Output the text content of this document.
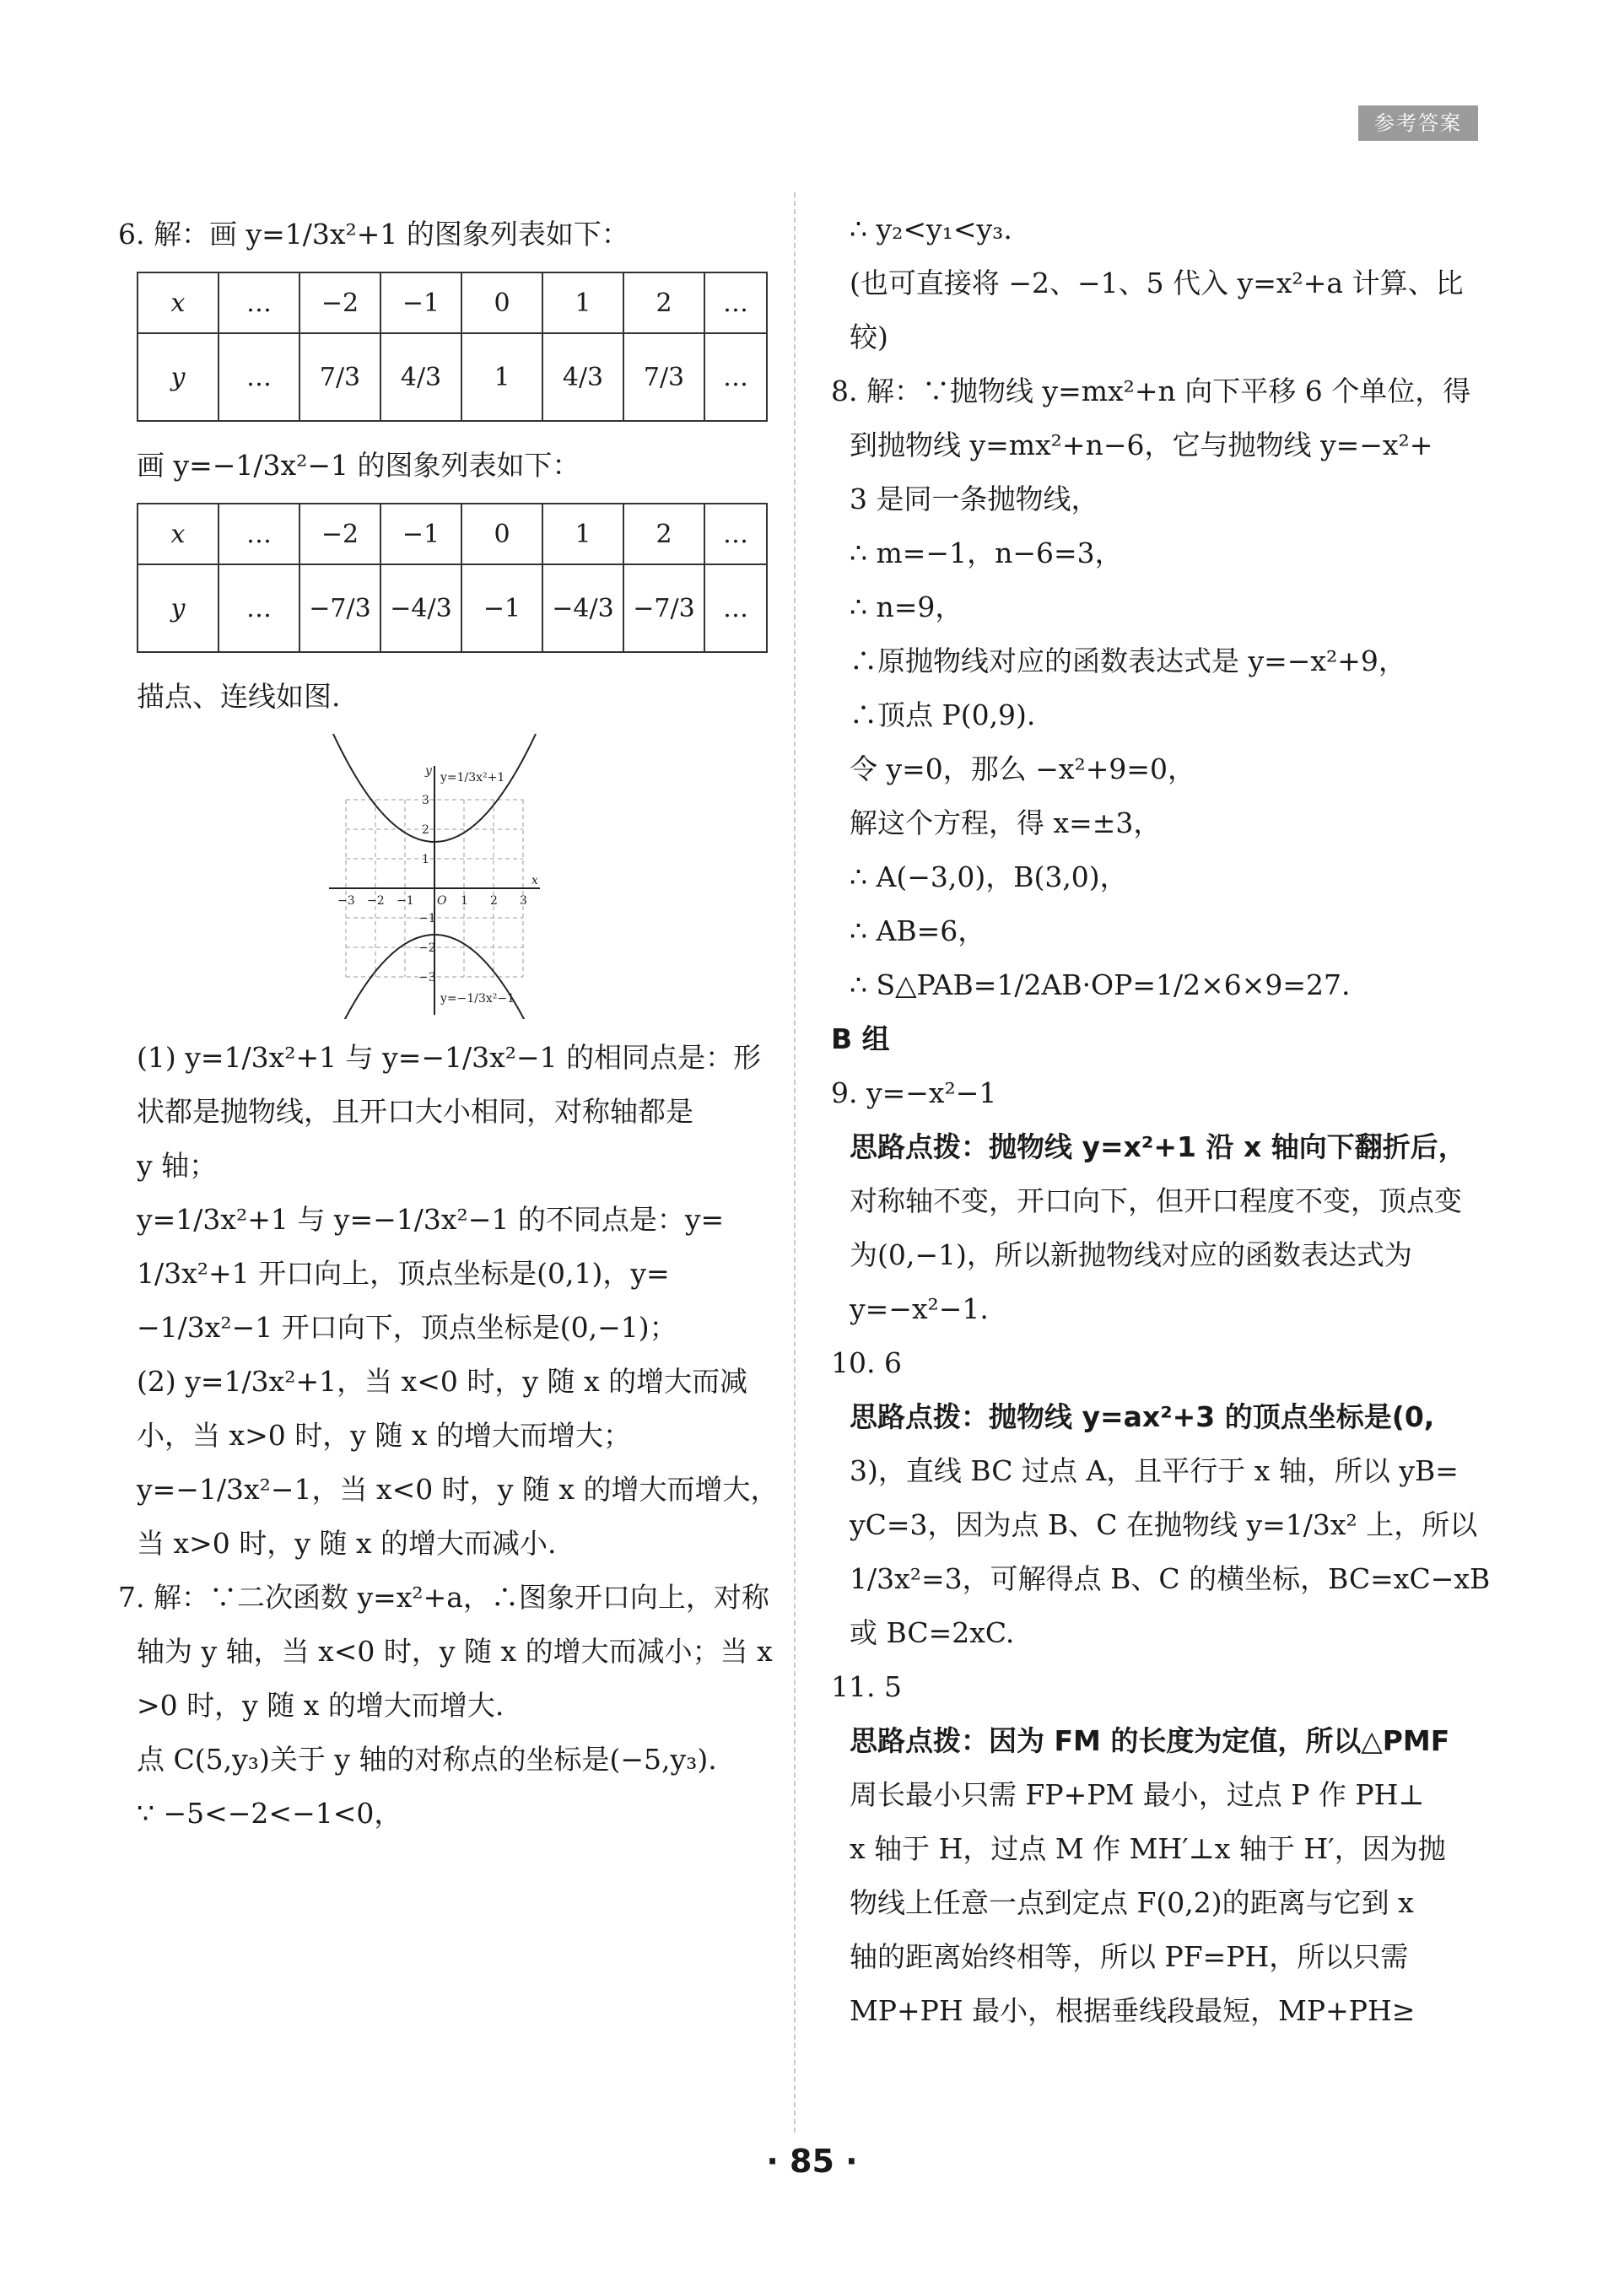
参考答案
6. 解：画 y=1/3x²+1 的图象列表如下：
x	…	−2	−1	0	1	2	…
y	…	7/3	4/3	1	4/3	7/3	…
画 y=−1/3x²−1 的图象列表如下：
x	…	−2	−1	0	1	2	…
y	…	−7/3	−4/3	−1	−4/3	−7/3	…
描点、连线如图.
y=1/3x²+1
y=−1/3x²−1
y
x
−3 −2 −1 O 1 2 3
3
2
1
−1
−2
−3
(1) y=1/3x²+1 与 y=−1/3x²−1 的相同点是：形
状都是抛物线，且开口大小相同，对称轴都是
y 轴；
y=1/3x²+1 与 y=−1/3x²−1 的不同点是：y=
1/3x²+1 开口向上，顶点坐标是(0,1)，y=
−1/3x²−1 开口向下，顶点坐标是(0,−1)；
(2) y=1/3x²+1，当 x<0 时，y 随 x 的增大而减
小，当 x>0 时，y 随 x 的增大而增大；
y=−1/3x²−1，当 x<0 时，y 随 x 的增大而增大，
当 x>0 时，y 随 x 的增大而减小.
7. 解：∵二次函数 y=x²+a，∴图象开口向上，对称
轴为 y 轴，当 x<0 时，y 随 x 的增大而减小；当 x
>0 时，y 随 x 的增大而增大.
点 C(5,y₃)关于 y 轴的对称点的坐标是(−5,y₃).
∵ −5<−2<−1<0，
∴ y₂<y₁<y₃.
(也可直接将 −2、−1、5 代入 y=x²+a 计算、比
较)
8. 解：∵抛物线 y=mx²+n 向下平移 6 个单位，得
到抛物线 y=mx²+n−6，它与抛物线 y=−x²+
3 是同一条抛物线，
∴ m=−1，n−6=3，
∴ n=9，
∴原抛物线对应的函数表达式是 y=−x²+9，
∴顶点 P(0,9).
令 y=0，那么 −x²+9=0，
解这个方程，得 x=±3，
∴ A(−3,0)，B(3,0)，
∴ AB=6，
∴ S△PAB=1/2AB·OP=1/2×6×9=27.
B 组
9. y=−x²−1
思路点拨：抛物线 y=x²+1 沿 x 轴向下翻折后，
对称轴不变，开口向下，但开口程度不变，顶点变
为(0,−1)，所以新抛物线对应的函数表达式为
y=−x²−1.
10. 6
思路点拨：抛物线 y=ax²+3 的顶点坐标是(0,
3)，直线 BC 过点 A，且平行于 x 轴，所以 yB=
yC=3，因为点 B、C 在抛物线 y=1/3x² 上，所以
1/3x²=3，可解得点 B、C 的横坐标，BC=xC−xB
或 BC=2xC.
11. 5
思路点拨：因为 FM 的长度为定值，所以△PMF
周长最小只需 FP+PM 最小，过点 P 作 PH⊥
x 轴于 H，过点 M 作 MH′⊥x 轴于 H′，因为抛
物线上任意一点到定点 F(0,2)的距离与它到 x
轴的距离始终相等，所以 PF=PH，所以只需
MP+PH 最小，根据垂线段最短，MP+PH≥
· 85 ·
